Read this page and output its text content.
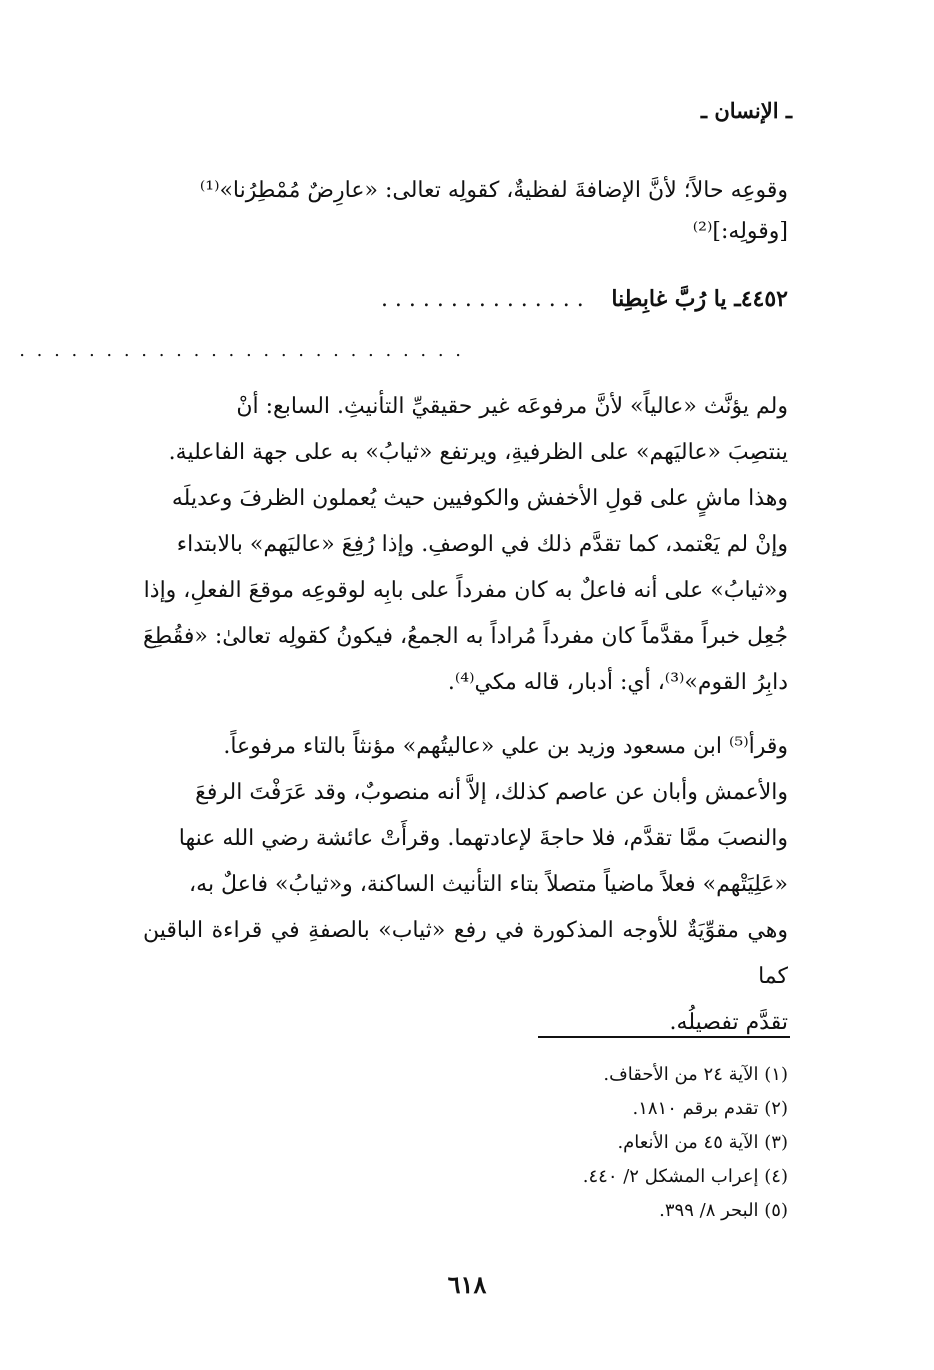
ـ الإنسان ـ
وقوعِه حالاً؛ لأنَّ الإضافةَ لفظيةٌ، كقولِه تعالى: «عارِضٌ مُمْطِرُنا»⁽¹⁾
[وقولِه:]⁽²⁾
٤٤٥٢ـ يا رُبَّ غابِطِنا . . . . . . . . . . . . . . .
. . . . . . . . . . . . . . . . . . . . . . . . . .
ولم يؤنَّث «عالياً» لأنَّ مرفوعَه غير حقيقيِّ التأنيثِ. السابع: أنْ
ينتصِبَ «عاليَهم» على الظرفيةِ، ويرتفع «ثيابُ» به على جهة الفاعلية.
وهذا ماشٍ على قولِ الأخفش والكوفيين حيث يُعملون الظرفَ وعديلَه
وإنْ لم يَعْتمد، كما تقدَّم ذلك في الوصفِ. وإذا رُفِعَ «عاليَهم» بالابتداء
و«ثيابُ» على أنه فاعلٌ به كان مفرداً على بابِه لوقوعِه موقعَ الفعلِ، وإذا
جُعِل خبراً مقدَّماً كان مفرداً مُراداً به الجمعُ، فيكونُ كقولِه تعالىٰ: «فقُطِعَ
دابِرُ القوم»⁽³⁾، أي: أدبار، قاله مكي⁽⁴⁾.
وقرأ⁽⁵⁾ ابن مسعود وزيد بن علي «عاليتُهم» مؤنثاً بالتاء مرفوعاً.
والأعمش وأبان عن عاصم كذلك، إلاَّ أنه منصوبٌ، وقد عَرَفْتَ الرفعَ
والنصبَ ممَّا تقدَّم، فلا حاجةَ لإعادتهما. وقرأَتْ عائشة رضي الله عنها
«عَلِيَتْهم» فعلاً ماضياً متصلاً بتاء التأنيث الساكنة، و«ثيابُ» فاعلٌ به،
وهي مقوِّيَةٌ للأوجه المذكورة في رفع «ثياب» بالصفةِ في قراءة الباقين كما
تقدَّم تفصيلُه.
(١) الآية ٢٤ من الأحقاف.
(٢) تقدم برقم ١٨١٠.
(٣) الآية ٤٥ من الأنعام.
(٤) إعراب المشكل ٢/ ٤٤٠.
(٥) البحر ٨/ ٣٩٩.
٦١٨
